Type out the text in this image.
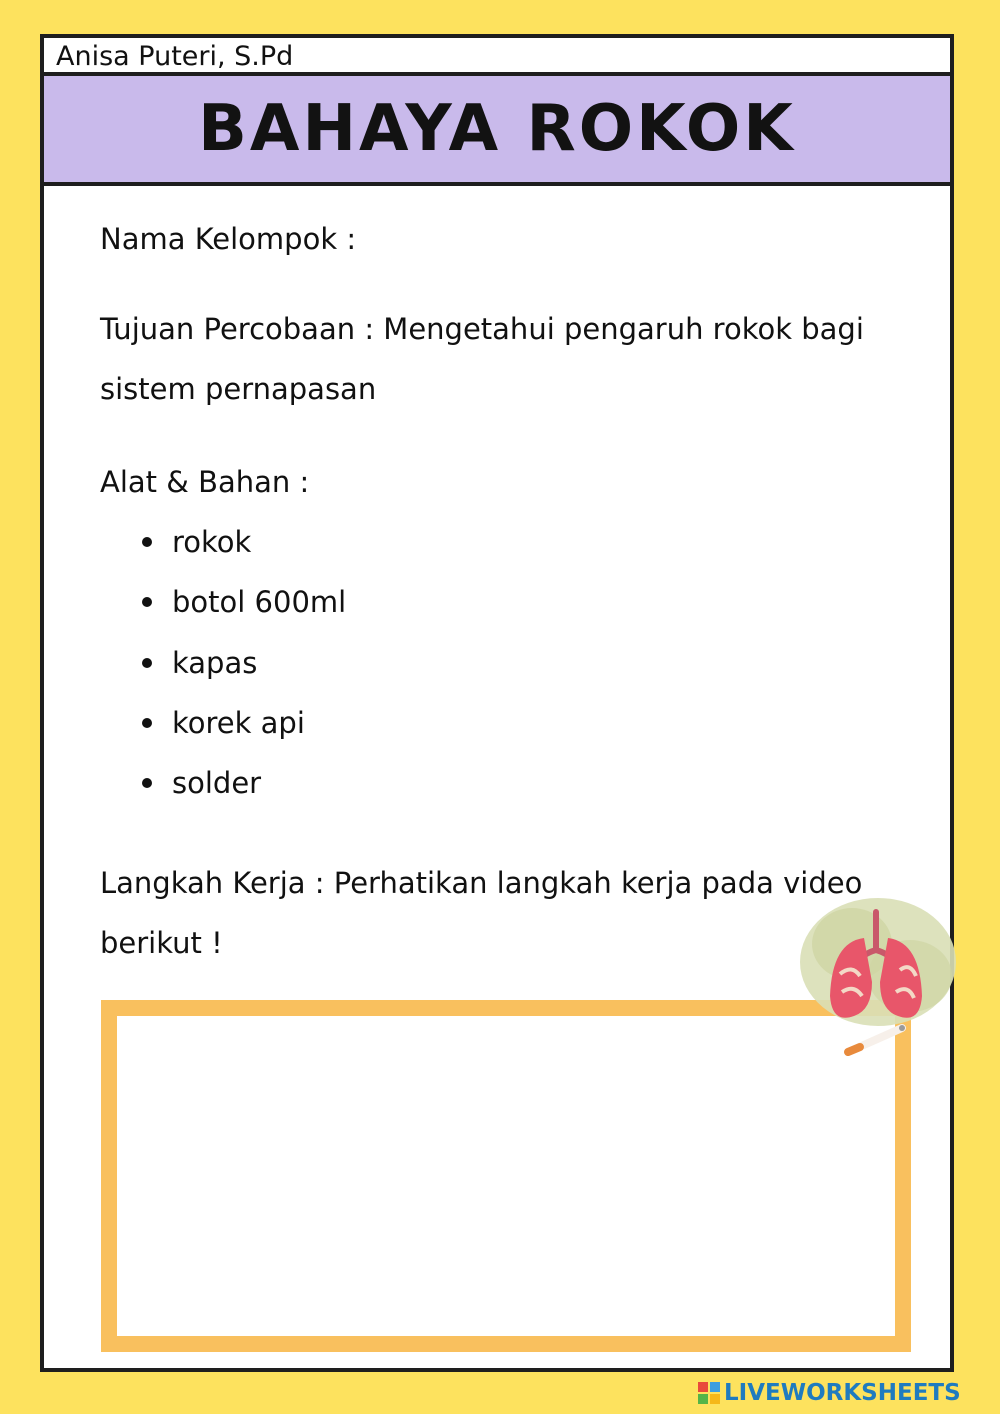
Anisa Puteri, S.Pd
BAHAYA ROKOK
Nama Kelompok :
Tujuan Percobaan : Mengetahui pengaruh rokok bagi
sistem pernapasan
Alat & Bahan :
rokok
botol 600ml
kapas
korek api
solder
Langkah Kerja : Perhatikan langkah kerja pada video
berikut !
LIVEWORKSHEETS
